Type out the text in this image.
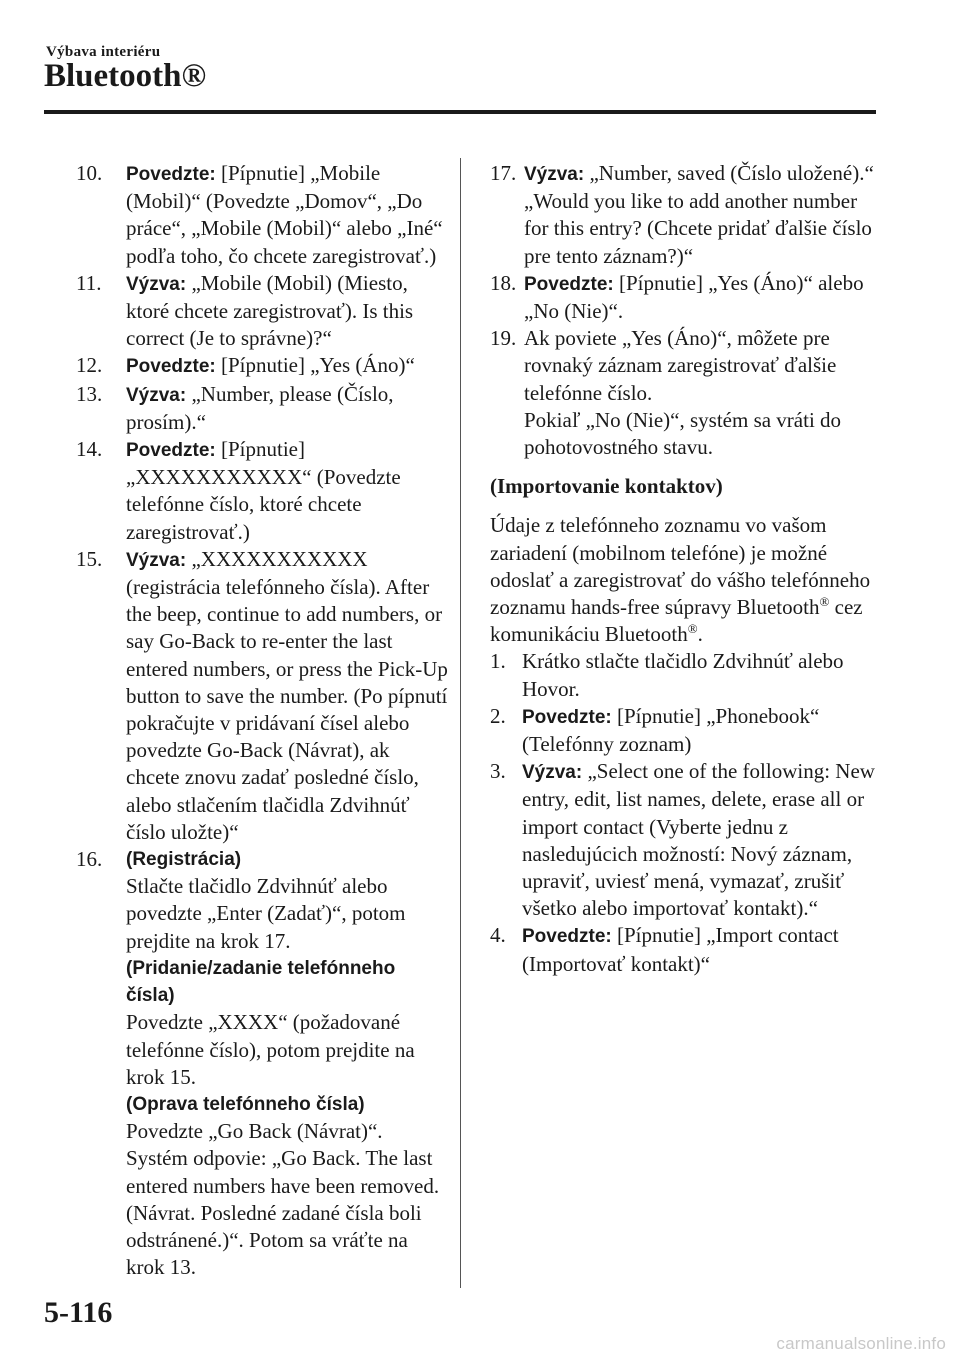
Výbava interiéru
Bluetooth®
10.	Povedzte: [Pípnutie] „Mobile (Mobil)“ (Povedzte „Domov“, „Do práce“, „Mobile (Mobil)“ alebo „Iné“ podľa toho, čo chcete zaregistrovať.)
11.	Výzva: „Mobile (Mobil) (Miesto, ktoré chcete zaregistrovať). Is this correct (Je to správne)?“
12.	Povedzte: [Pípnutie] „Yes (Áno)“
13.	Výzva: „Number, please (Číslo, prosím).“
14.	Povedzte: [Pípnutie] „XXXXXXXXXXX“ (Povedzte telefónne číslo, ktoré chcete zaregistrovať.)
15.	Výzva: „XXXXXXXXXXX (registrácia telefónneho čísla). After the beep, continue to add numbers, or say Go-Back to re-enter the last entered numbers, or press the Pick-Up button to save the number. (Po pípnutí pokračujte v pridávaní čísel alebo povedzte Go-Back (Návrat), ak chcete znovu zadať posledné číslo, alebo stlačením tlačidla Zdvihnúť číslo uložte)“
16.	(Registrácia)
Stlačte tlačidlo Zdvihnúť alebo povedzte „Enter (Zadať)“, potom prejdite na krok 17.
(Pridanie/zadanie telefónneho čísla)
Povedzte „XXXX“ (požadované telefónne číslo), potom prejdite na krok 15.
(Oprava telefónneho čísla)
Povedzte „Go Back (Návrat)“. Systém odpovie: „Go Back. The last entered numbers have been removed. (Návrat. Posledné zadané čísla boli odstránené.)“. Potom sa vráťte na krok 13.
17. Výzva: „Number, saved (Číslo uložené).“ „Would you like to add another number for this entry? (Chcete pridať ďalšie číslo pre tento záznam?)“
18. Povedzte: [Pípnutie] „Yes (Áno)“ alebo „No (Nie)“.
19. Ak poviete „Yes (Áno)“, môžete pre rovnaký záznam zaregistrovať ďalšie telefónne číslo.
Pokiaľ „No (Nie)“, systém sa vráti do pohotovostného stavu.
(Importovanie kontaktov)
Údaje z telefónneho zoznamu vo vašom zariadení (mobilnom telefóne) je možné odoslať a zaregistrovať do vášho telefónneho zoznamu hands-free súpravy Bluetooth® cez komunikáciu Bluetooth®.
1. Krátko stlačte tlačidlo Zdvihnúť alebo Hovor.
2. Povedzte: [Pípnutie] „Phonebook“ (Telefónny zoznam)
3. Výzva: „Select one of the following: New entry, edit, list names, delete, erase all or import contact (Vyberte jednu z nasledujúcich možností: Nový záznam, upraviť, uviesť mená, vymazať, zrušiť všetko alebo importovať kontakt).“
4. Povedzte: [Pípnutie] „Import contact (Importovať kontakt)“
5-116
carmanualsonline.info
